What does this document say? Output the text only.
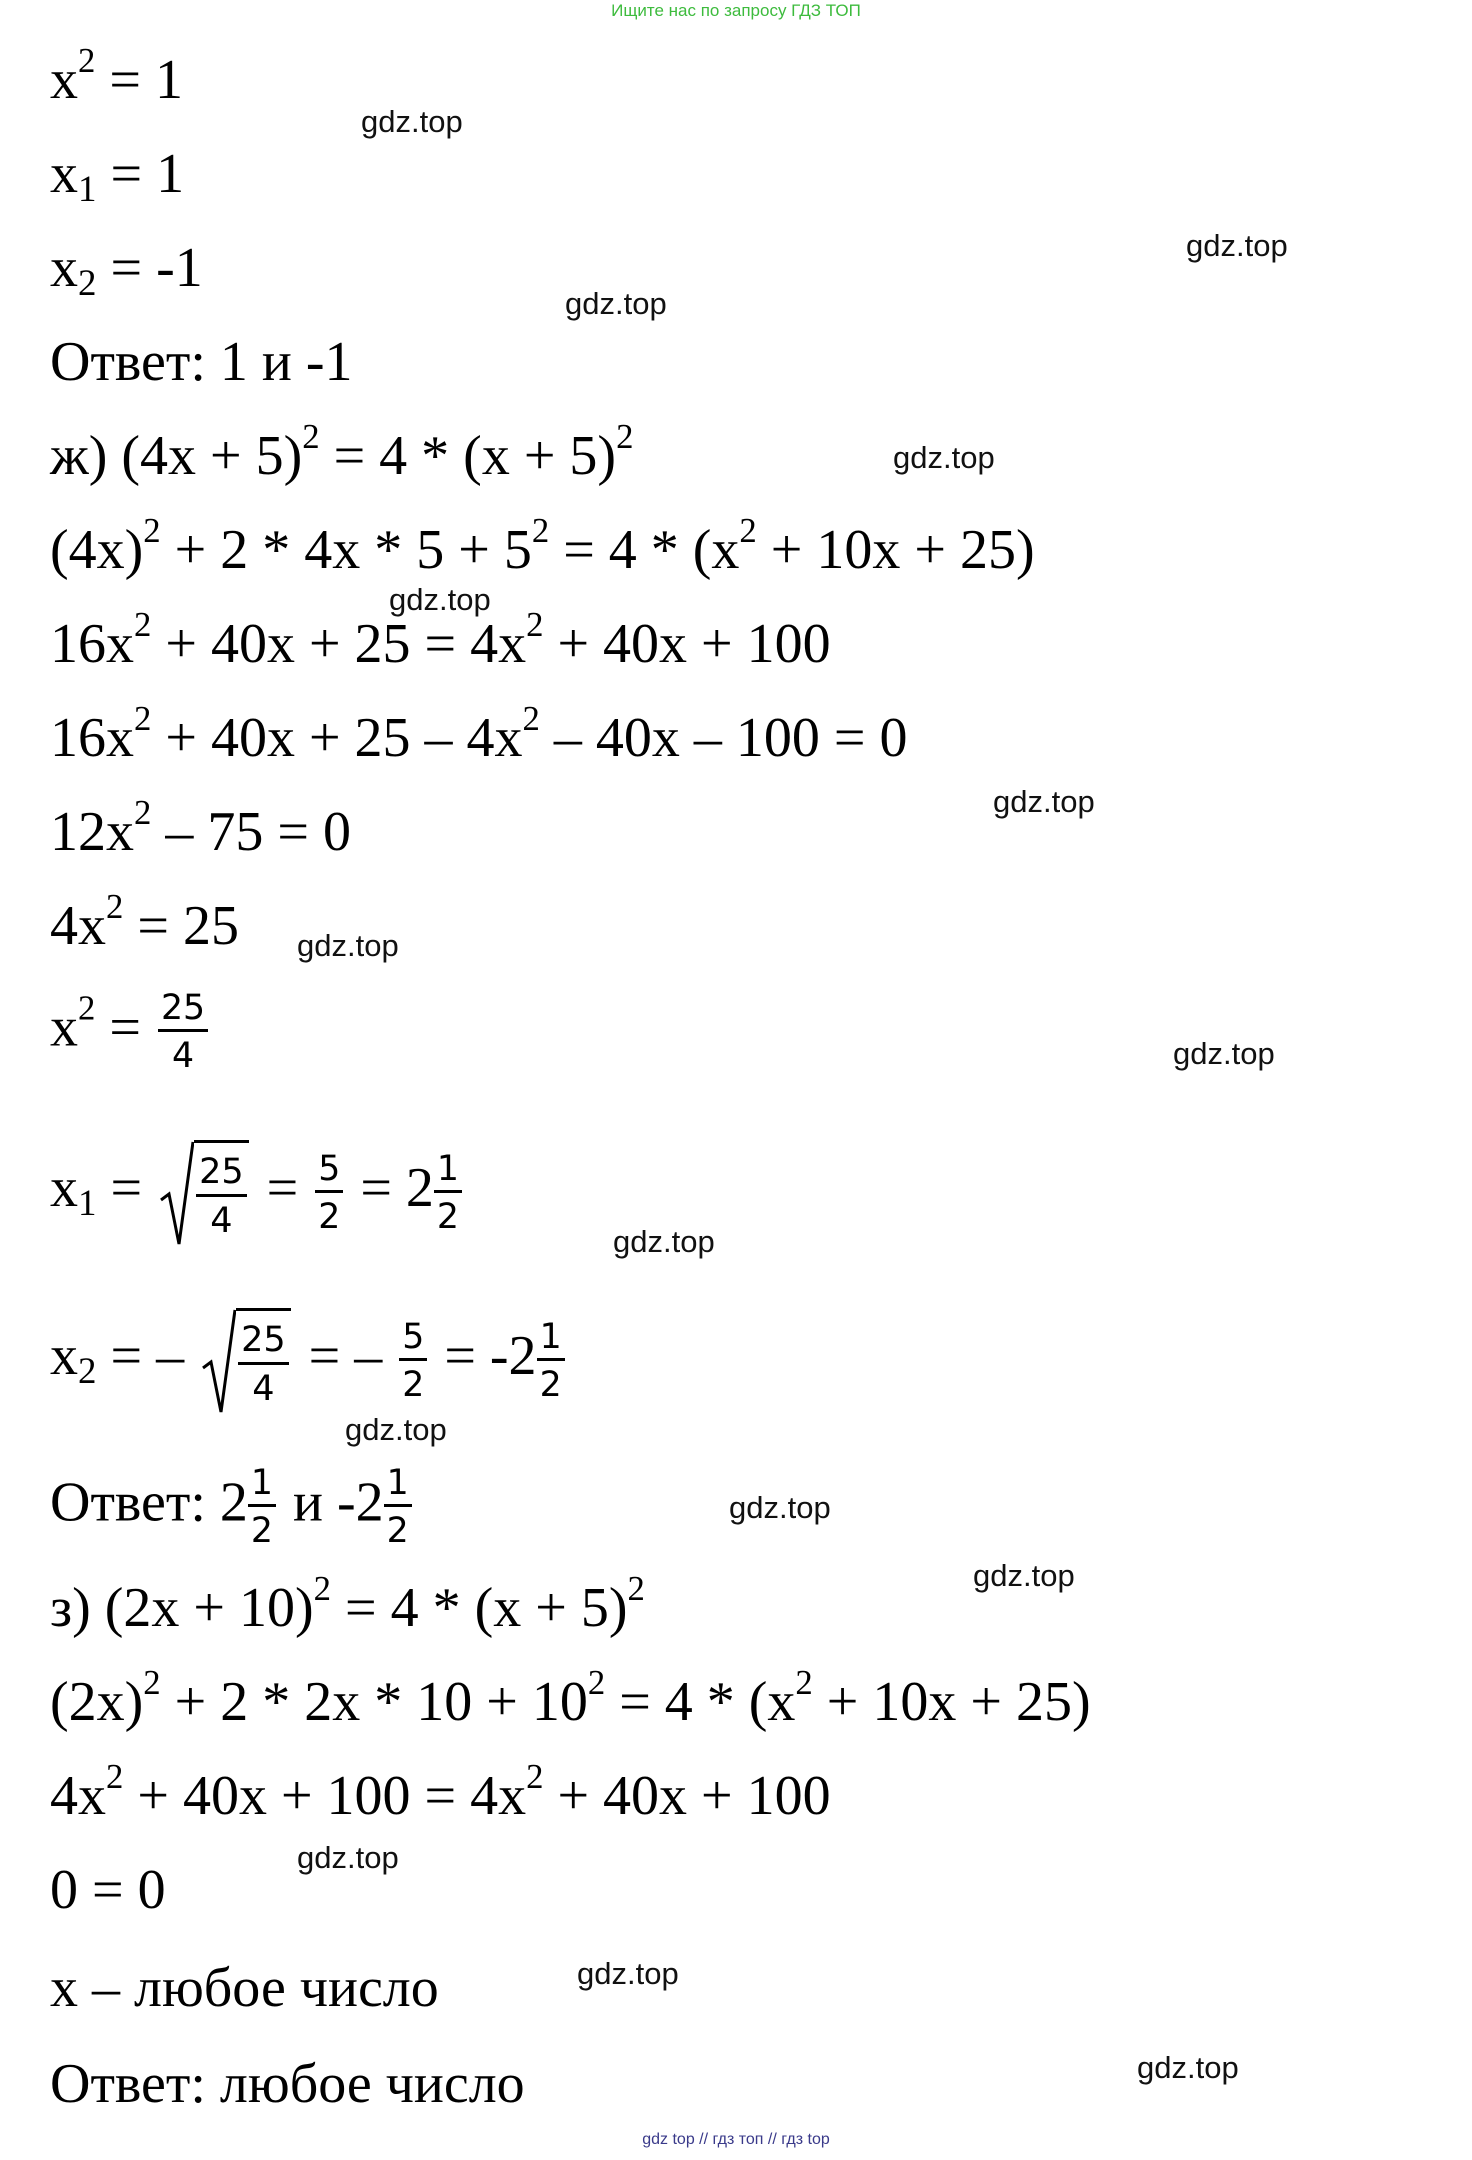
Ищите нас по запросу ГДЗ ТОП
$x^2 = 1$
$x_1 = 1$
$x_2 = -1$
Ответ: 1 и -1
ж) $(4x + 5)^2 = 4 * (x + 5)^2$
$(4x)^2 + 2 * 4x * 5 + 5^2 = 4 * (x^2 + 10x + 25)$
$16x^2 + 40x + 25 = 4x^2 + 40x + 100$
$16x^2 + 40x + 25 - 4x^2 - 40x - 100 = 0$
$12x^2 - 75 = 0$
$4x^2 = 25$
$x^2 = \frac{25}{4}$
$x_1 = \frac{25}{4} = \frac{5}{2} = 2 \frac{1}{2}$
$x_2$ = – $\frac{25}{4}$ = – $\frac{5}{2} = -2 \frac{1}{2}$
Ответ: $2 \frac{1}{2}$ и $-2 \frac{1}{2}$
з) $(2x + 10)^2 = 4 * (x + 5)^2$
$(2x)^2 + 2 * 2x * 10 + 10^2 = 4 * (x^2 + 10x + 25)$
$4x^2 + 40x + 100 = 4x^2 + 40x + 100$
0 = 0
x – любое число
Ответ: любое число
gdz.top
gdz.top
gdz.top
gdz.top
gdz.top
gdz.top
gdz.top
gdz.top
gdz.top
gdz.top
gdz.top
gdz.top
gdz.top
gdz.top
gdz.top
gdz top // гдз топ // гдз top
